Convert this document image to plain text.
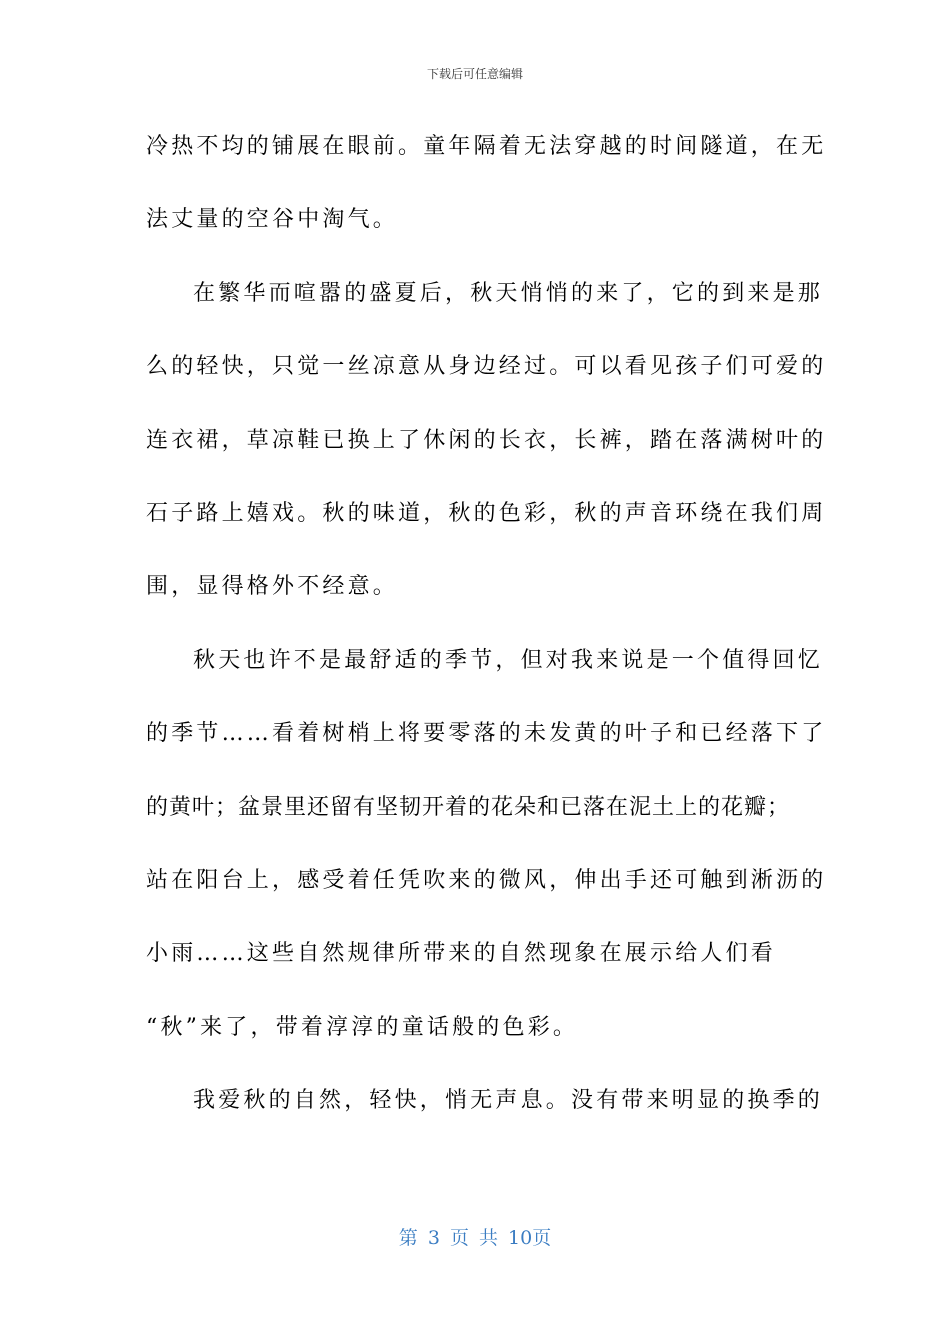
下载后可任意编辑
冷热不均的铺展在眼前。童年隔着无法穿越的时间隧道，在无
法丈量的空谷中淘气。
在繁华而喧嚣的盛夏后，秋天悄悄的来了，它的到来是那
么的轻快，只觉一丝凉意从身边经过。可以看见孩子们可爱的
连衣裙，草凉鞋已换上了休闲的长衣，长裤，踏在落满树叶的
石子路上嬉戏。秋的味道，秋的色彩，秋的声音环绕在我们周
围，显得格外不经意。
秋天也许不是最舒适的季节，但对我来说是一个值得回忆
的季节……看着树梢上将要零落的未发黄的叶子和已经落下了
的黄叶；盆景里还留有坚韧开着的花朵和已落在泥土上的花瓣；
站在阳台上，感受着任凭吹来的微风，伸出手还可触到淅沥的
小雨……这些自然规律所带来的自然现象在展示给人们看
“秋”来了，带着淳淳的童话般的色彩。
我爱秋的自然，轻快，悄无声息。没有带来明显的换季的
第 3 页 共 10页
